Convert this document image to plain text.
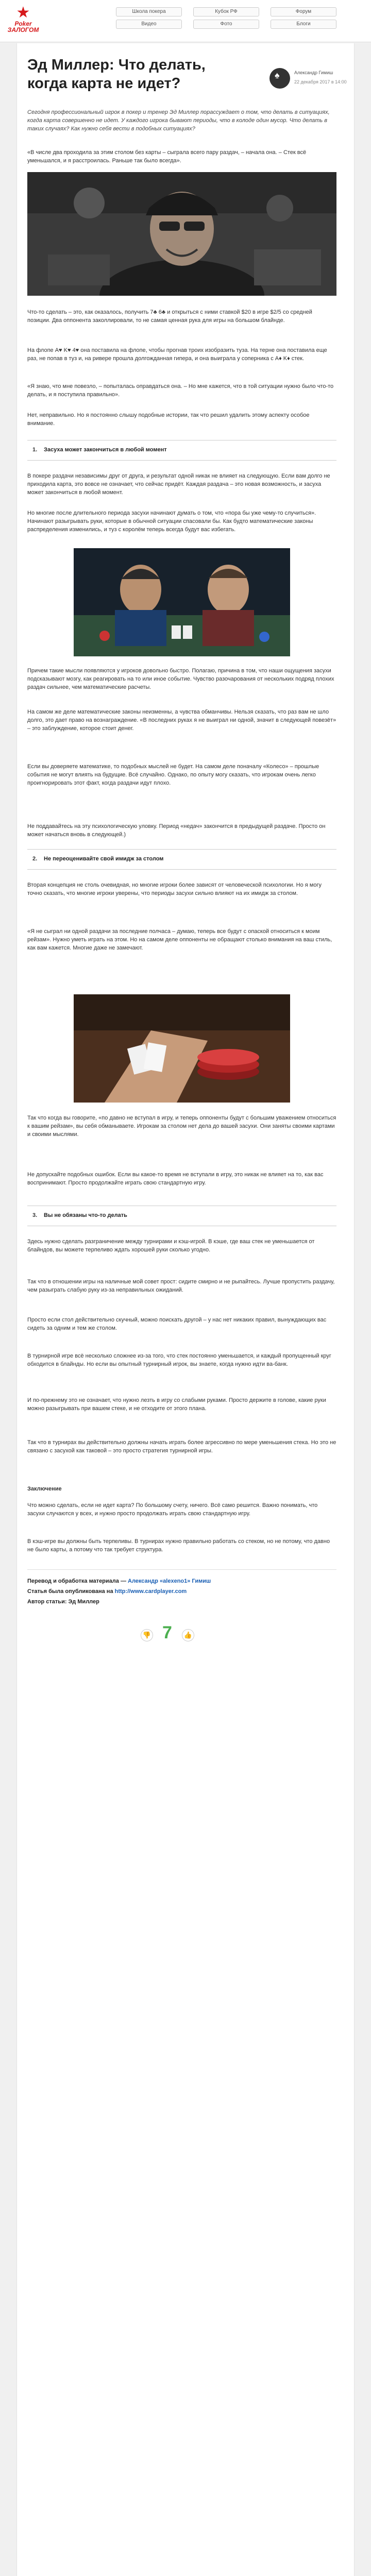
★
Poker
ЗАЛОГОМ
Школа покера	Кубок РФ	Форум
Видео	Фото	Блоги
Эд Миллер: Что делать, когда карта не идет?	♠	Александр Гимиш
22 декабря 2017 в 14:00
Сегодня профессиональный игрок в покер и тренер Эд Миллер порассуждает о том, что делать в ситуациях, когда карта совершенно не идет. У каждого игрока бывают периоды, что в колоде один мусор. Что делать в таких случаях? Как нужно себя вести в подобных ситуациях?
«В числе два проходила за этим столом без карты – сыграла всего пару раздач, – начала она. – Стек всё уменьшался, и я расстроилась. Раньше так было всегда».
Что-то сделать – это, как оказалось, получить 7♣ 6♣ и открыться с ними ставкой $20 в игре $2/5 со средней позиции. Два оппонента заколлировали, то не самая ценная рука для игры на большом блайнде.
На флопе A♥ K♥ 4♥ она поставила на флопе, чтобы прогнав троих изобразить туза. На терне она поставила еще раз, не попав в туз и, на ривере прошла долгожданная гипера, и она выиграла у соперника с A♦ K♦ стек.
«Я знаю, что мне повезло, – попыталась оправдаться она. – Но мне кажется, что в той ситуации нужно было что-то делать, и я поступила правильно».
Нет, неправильно. Но я постоянно слышу подобные истории, так что решил удалить этому аспекту особое внимание.
1. Засуха может закончиться в любой момент
В покере раздачи независимы друг от друга, и результат одной никак не влияет на следующую. Если вам долго не приходила карта, это вовсе не означает, что сейчас придёт. Каждая раздача – это новая возможность, и засуха может закончиться в любой момент.
Но многие после длительного периода засухи начинают думать о том, что «пора бы уже чему-то случиться». Начинают разыгрывать руки, которые в обычной ситуации спасовали бы. Как будто математические законы распределения изменились, и туз с королём теперь всегда будут вас избегать.
Причем такие мысли появляются у игроков довольно быстро. Полагаю, причина в том, что наши ощущения засухи подсказывают мозгу, как реагировать на то или иное событие. Чувство разочарования от нескольких подряд плохих раздач сильнее, чем математические расчеты.
На самом же деле математические законы неизменны, а чувства обманчивы. Нельзя сказать, что раз вам не шло долго, это дает право на вознаграждение. «В последних руках я не выиграл ни одной, значит в следующей повезёт» – это заблуждение, которое стоит денег.
Если вы доверяете математике, то подобных мыслей не будет. На самом деле поначалу «Колесо» – прошлые события не могут влиять на будущие. Всё случайно. Однако, по опыту могу сказать, что игрокам очень легко проигнорировать этот факт, когда раздачи идут плохо.
Не поддавайтесь на эту психологическую уловку. Период «недач» закончится в предыдущей раздаче. Просто он может начаться вновь в следующей.)
2. Не переоценивайте свой имидж за столом
Вторая концепция не столь очевидная, но многие игроки более зависят от человеческой психологии. Но я могу точно сказать, что многие игроки уверены, что периоды засухи сильно влияют на их имидж за столом.
«Я не сыграл ни одной раздачи за последние полчаса – думаю, теперь все будут с опаской относиться к моим рейзам». Нужно уметь играть на этом. Но на самом деле оппоненты не обращают столько внимания на ваш стиль, как вам кажется. Многие даже не замечают.
Так что когда вы говорите, «по давно не вступал в игру, и теперь оппоненты будут с большим уважением относиться к вашим рейзам», вы себя обманываете. Игрокам за столом нет дела до вашей засухи. Они заняты своими картами и своими мыслями.
Не допускайте подобных ошибок. Если вы какое-то время не вступали в игру, это никак не влияет на то, как вас воспринимают. Просто продолжайте играть свою стандартную игру.
3. Вы не обязаны что-то делать
Здесь нужно сделать разграничение между турнирами и кэш-игрой. В кэше, где ваш стек не уменьшается от блайндов, вы можете терпеливо ждать хорошей руки сколько угодно.
Так что в отношении игры на наличные мой совет прост: сидите смирно и не рыпайтесь. Лучше пропустить раздачу, чем разыграть слабую руку из-за неправильных ожиданий.
Просто если стол действительно скучный, можно поискать другой – у нас нет никаких правил, вынуждающих вас сидеть за одним и тем же столом.
В турнирной игре всё несколько сложнее из-за того, что стек постоянно уменьшается, и каждый пропущенный круг обходится в блайнды. Но если вы опытный турнирный игрок, вы знаете, когда нужно идти ва-банк.
И по-прежнему это не означает, что нужно лезть в игру со слабыми руками. Просто держите в голове, какие руки можно разыгрывать при вашем стеке, и не отходите от этого плана.
Так что в турнирах вы действительно должны начать играть более агрессивно по мере уменьшения стека. Но это не связано с засухой как таковой – это просто стратегия турнирной игры.
Заключение
Что можно сделать, если не идет карта? По большому счету, ничего. Всё само решится. Важно понимать, что засухи случаются у всех, и нужно просто продолжать играть свою стандартную игру.
В кэш-игре вы должны быть терпеливы. В турнирах нужно правильно работать со стеком, но не потому, что давно не было карты, а потому что так требует структура.
Перевод и обработка материала — Александр «alexeno1» Гимиш
Статья была опубликована на http://www.cardplayer.com
Автор статьи: Эд Миллер
👎 7	👍
